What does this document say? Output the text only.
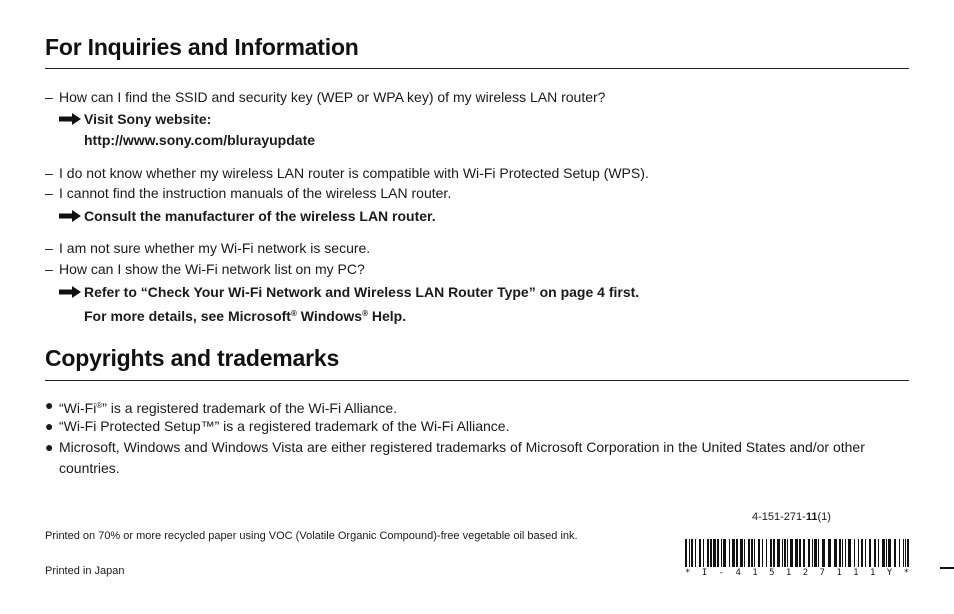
For Inquiries and Information
– How can I find the SSID and security key (WEP or WPA key) of my wireless LAN router?
Visit Sony website:
http://www.sony.com/blurayupdate
– I do not know whether my wireless LAN router is compatible with Wi-Fi Protected Setup (WPS).
– I cannot find the instruction manuals of the wireless LAN router.
Consult the manufacturer of the wireless LAN router.
– I am not sure whether my Wi-Fi network is secure.
– How can I show the Wi-Fi network list on my PC?
Refer to “Check Your Wi-Fi Network and Wireless LAN Router Type” on page 4 first.
For more details, see Microsoft® Windows® Help.
Copyrights and trademarks
● “Wi-Fi®” is a registered trademark of the Wi-Fi Alliance.
● “Wi-Fi Protected Setup™” is a registered trademark of the Wi-Fi Alliance.
● Microsoft, Windows and Windows Vista are either registered trademarks of Microsoft Corporation in the United States and/or other countries.
4-151-271-11(1)
Printed on 70% or more recycled paper using VOC (Volatile Organic Compound)-free vegetable oil based ink.
Printed in Japan	* I - 4 1 5 1 2 7 1 1 1 Y *
